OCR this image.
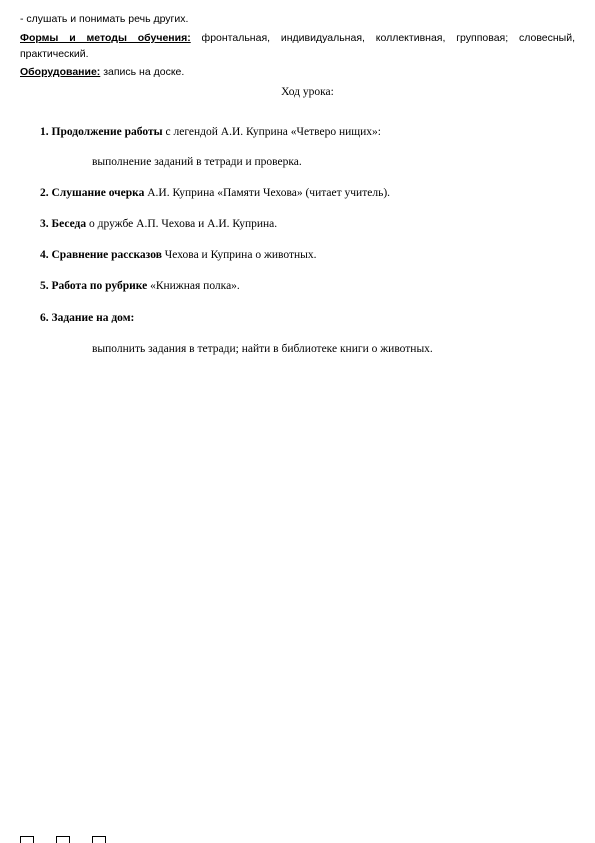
- слушать и понимать речь других.
Формы и методы обучения: фронтальная, индивидуальная, коллективная, групповая; словесный, практический.
Оборудование: запись на доске.
Ход урока:
1. Продолжение работы с легендой А.И. Куприна «Четверо нищих»:
выполнение заданий в тетради и проверка.
2. Слушание очерка А.И. Куприна «Памяти Чехова» (читает учитель).
3. Беседа о дружбе А.П. Чехова и А.И. Куприна.
4. Сравнение рассказов Чехова и Куприна о животных.
5. Работа по рубрике «Книжная полка».
6. Задание на дом:
выполнить задания в тетради; найти в библиотеке книги о животных.
